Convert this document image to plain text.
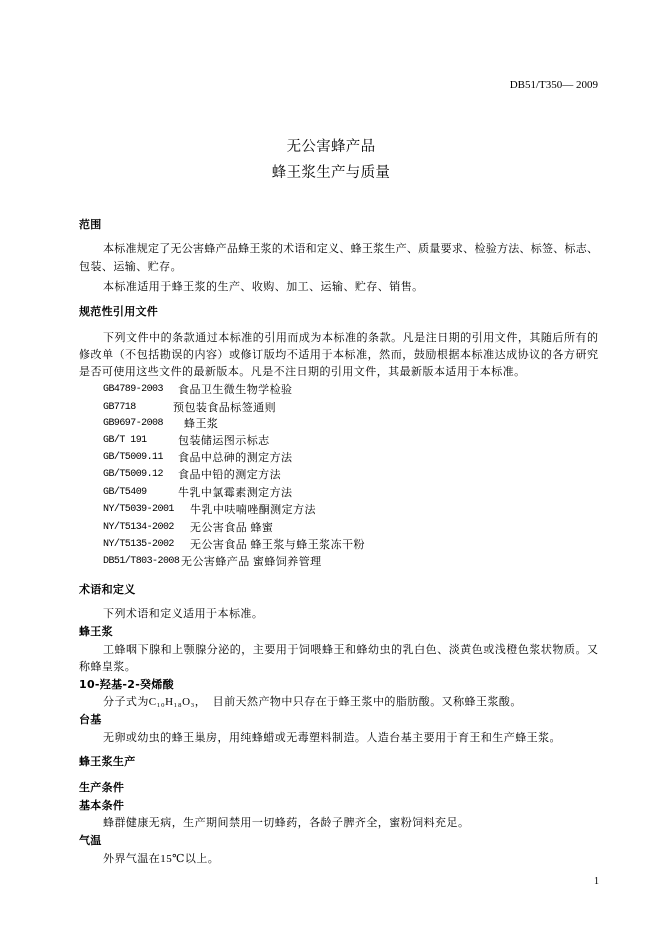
DB51/T350— 2009
无公害蜂产品
蜂王浆生产与质量
范围
本标准规定了无公害蜂产品蜂王浆的术语和定义、蜂王浆生产、质量要求、检验方法、标签、标志、
包装、运输、贮存。
本标准适用于蜂王浆的生产、收购、加工、运输、贮存、销售。
规范性引用文件
下列文件中的条款通过本标准的引用而成为本标准的条款。凡是注日期的引用文件，其随后所有的
修改单（不包括勘误的内容）或修订版均不适用于本标准，然而，鼓励根据本标准达成协议的各方研究
是否可使用这些文件的最新版本。凡是不注日期的引用文件，其最新版本适用于本标准。
GB4789-2003 食品卫生微生物学检验
GB7718	预包装食品标签通则
GB9697-2008 蜂王浆
GB/T 191	包装储运图示标志
GB/T5009.11 食品中总砷的测定方法
GB/T5009.12 食品中铅的测定方法
GB/T5409	牛乳中氯霉素测定方法
NY/T5039-2001 牛乳中呋喃唑酮测定方法
NY/T5134-2002 无公害食品 蜂蜜
NY/T5135-2002 无公害食品 蜂王浆与蜂王浆冻干粉
DB51/T803-2008 无公害蜂产品 蜜蜂饲养管理
术语和定义
下列术语和定义适用于本标准。
蜂王浆
工蜂咽下腺和上颚腺分泌的，主要用于饲喂蜂王和蜂幼虫的乳白色、淡黄色或浅橙色浆状物质。又
称蜂皇浆。
10-羟基-2-癸烯酸
分子式为C₁₀H₁₈O₃，  目前天然产物中只存在于蜂王浆中的脂肪酸。又称蜂王浆酸。
台基
无卵或幼虫的蜂王巢房，用纯蜂蜡或无毒塑料制造。人造台基主要用于育王和生产蜂王浆。
蜂王浆生产
生产条件
基本条件
蜂群健康无病，生产期间禁用一切蜂药，各龄子脾齐全，蜜粉饲料充足。
气温
外界气温在15℃以上。
1
